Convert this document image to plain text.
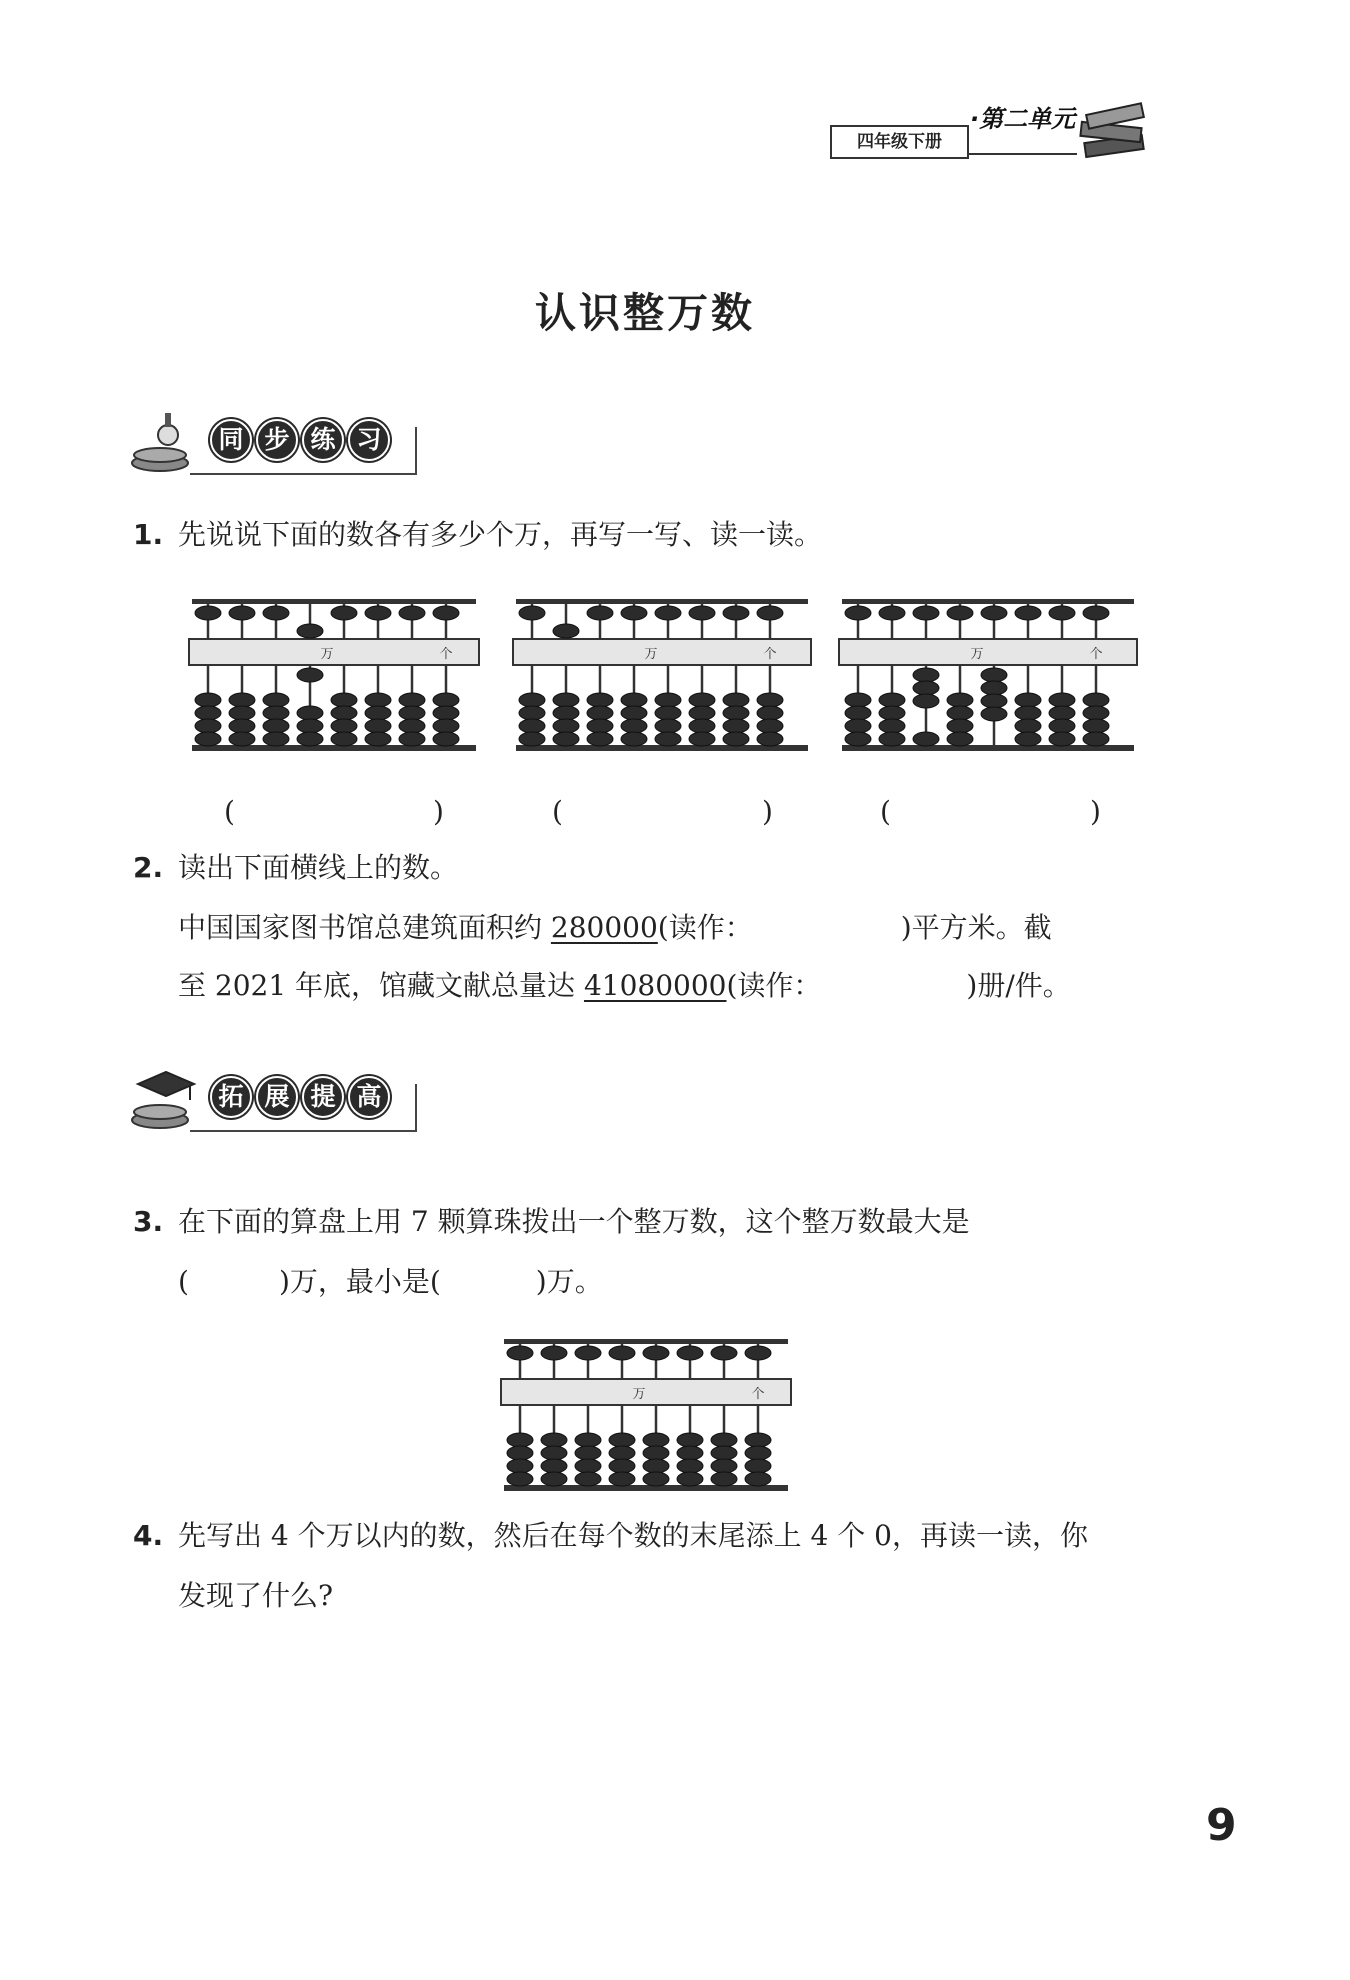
四年级下册
·第二单元
认识整万数
同 步 练 习
1. 先说说下面的数各有多少个万，再写一写、读一读。
万	个	万	个	万	个
(	)	(	)	(	)
2. 读出下面横线上的数。
中国国家图书馆总建筑面积约 280000(读作：	)平方米。截
至 2021 年底，馆藏文献总量达 41080000(读作：	)册/件。
拓 展 提 高
3. 在下面的算盘上用 7 颗算珠拨出一个整万数，这个整万数最大是
(	)万，最小是(	)万。
万	个
4. 先写出 4 个万以内的数，然后在每个数的末尾添上 4 个 0，再读一读，你
发现了什么?
9
